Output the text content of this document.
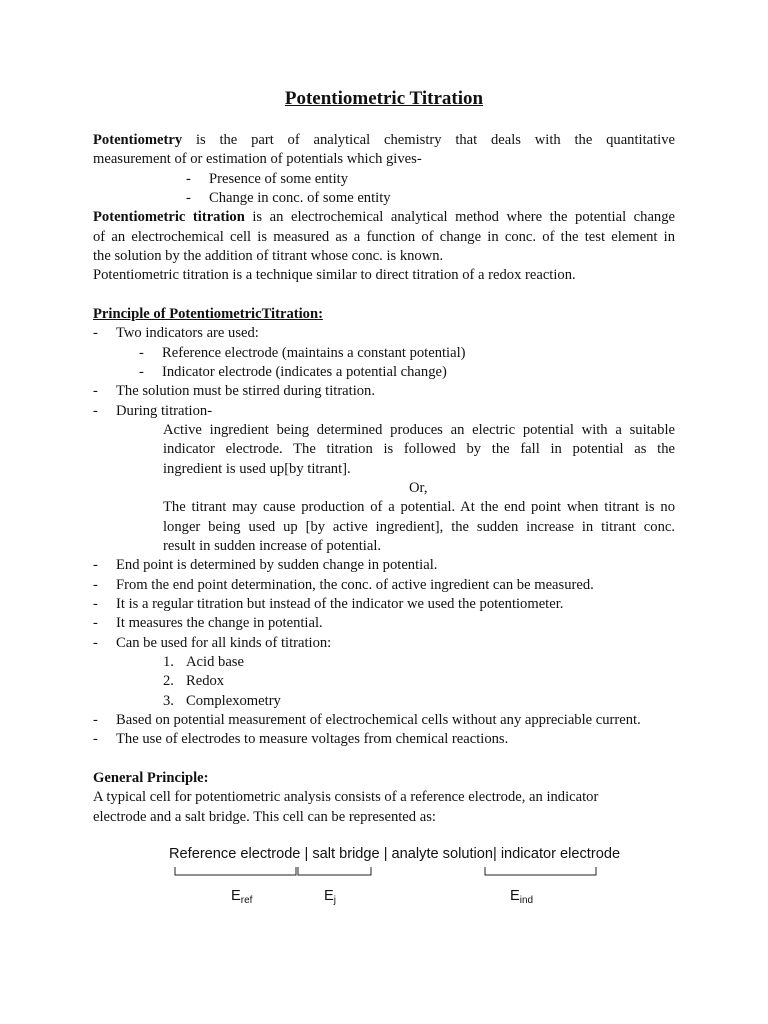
Potentiometric Titration
Potentiometry is the part of analytical chemistry that deals with the quantitative
measurement of or estimation of potentials which gives-
- Presence of some entity
- Change in conc. of some entity
Potentiometric titration is an electrochemical analytical method where the potential change
of an electrochemical cell is measured as a function of change in conc. of the test element in
the solution by the addition of titrant whose conc. is known.
Potentiometric titration is a technique similar to direct titration of a redox reaction.
Principle of PotentiometricTitration:
- Two indicators are used:
- Reference electrode (maintains a constant potential)
- Indicator electrode (indicates a potential change)
- The solution must be stirred during titration.
- During titration-
Active ingredient being determined produces an electric potential with a suitable
indicator electrode. The titration is followed by the fall in potential as the
ingredient is used up[by titrant].
Or,
The titrant may cause production of a potential. At the end point when titrant is no
longer being used up [by active ingredient], the sudden increase in titrant conc.
result in sudden increase of potential.
- End point is determined by sudden change in potential.
- From the end point determination, the conc. of active ingredient can be measured.
- It is a regular titration but instead of the indicator we used the potentiometer.
- It measures the change in potential.
- Can be used for all kinds of titration:
1. Acid base
2. Redox
3. Complexometry
- Based on potential measurement of electrochemical cells without any appreciable current.
- The use of electrodes to measure voltages from chemical reactions.
General Principle:
A typical cell for potentiometric analysis consists of a reference electrode, an indicator
electrode and a salt bridge. This cell can be represented as:
Reference electrode | salt bridge | analyte solution| indicator electrode
$E_{ref}$	$E_j$	$E_{ind}$
